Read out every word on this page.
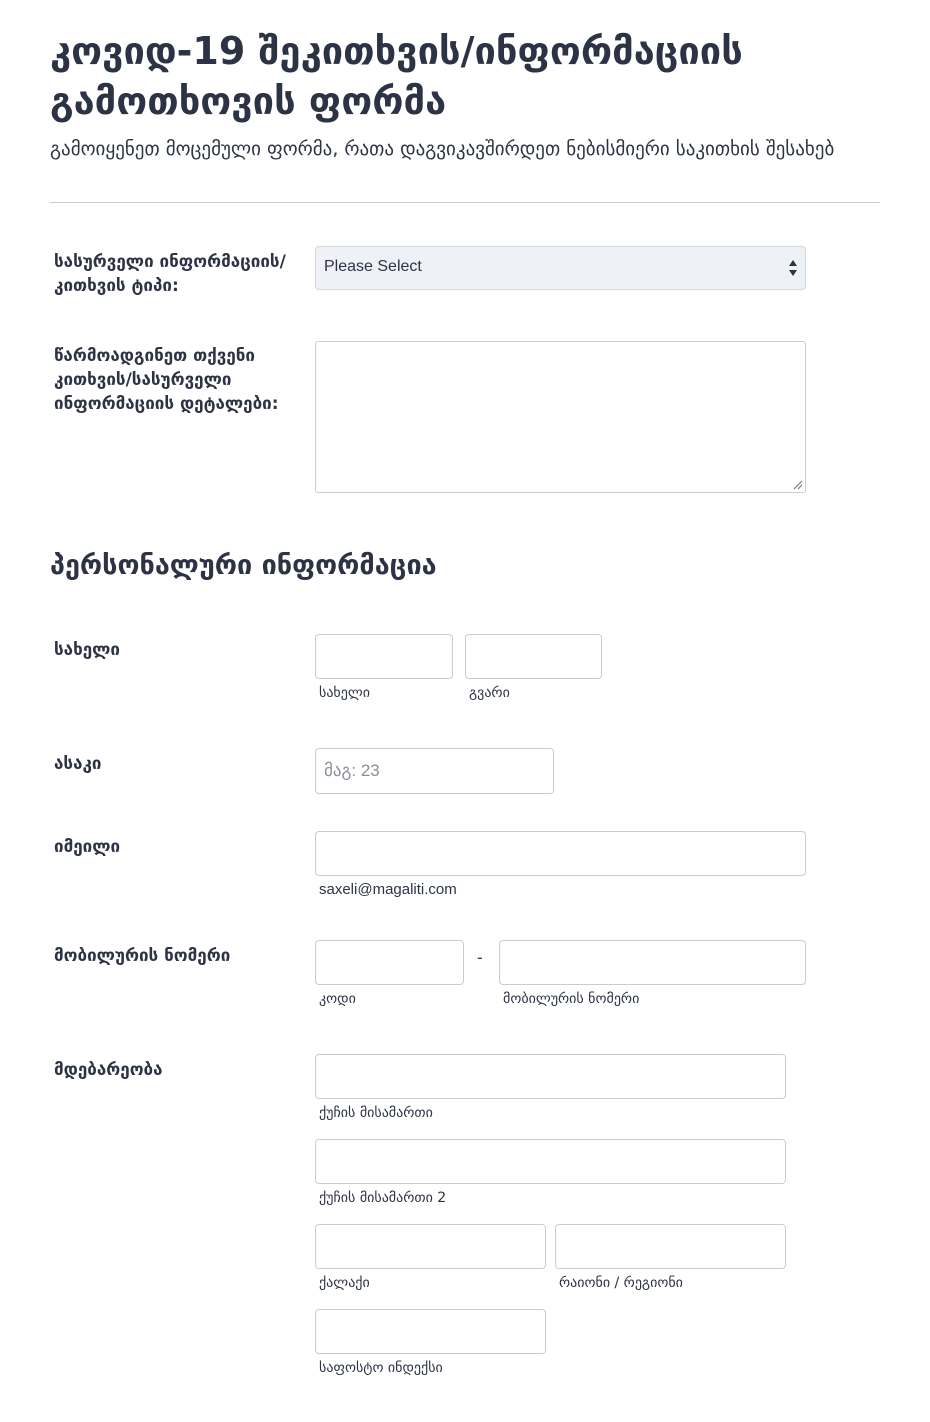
კოვიდ-19 შეკითხვის/ინფორმაციის გამოთხოვის ფორმა

გამოიყენეთ მოცემული ფორმა, რათა დაგვიკავშირდეთ ნებისმიერი საკითხის შესახებ

სასურველი ინფორმაციის/კითხვის ტიპი:
Please Select
წარმოადგინეთ თქვენი კითხვის/სასურველი ინფორმაციის დეტალები:
პერსონალური ინფორმაცია
სახელი
სახელი	გვარი
ასაკი
მაგ: 23
იმეილი
saxeli@magaliti.com
მობილურის ნომერი	-
კოდი	მობილურის ნომერი
მდებარეობა
ქუჩის მისამართი
ქუჩის მისამართი 2
ქალაქი	რაიონი / რეგიონი
საფოსტო ინდექსი
